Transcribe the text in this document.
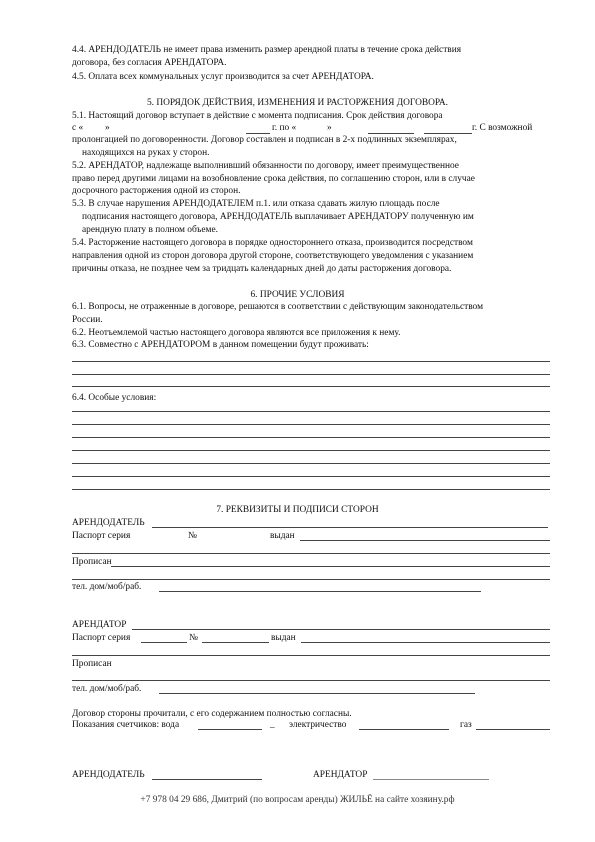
4.4. АРЕНДОДАТЕЛЬ не имеет права изменить размер арендной платы в течение срока действия
договора, без согласия АРЕНДАТОРА.
4.5. Оплата всех коммунальных услуг производится за счет АРЕНДАТОРА.
5. ПОРЯДОК ДЕЙСТВИЯ, ИЗМЕНЕНИЯ И РАСТОРЖЕНИЯ ДОГОВОРА.
5.1. Настоящий договор вступает в действие с момента подписания. Срок действия договора
с « »	г. по «	»	г. С возможной
пролонгацией по договоренности. Договор составлен и подписан в 2-х подлинных экземплярах,
находящихся на руках у сторон.
5.2. АРЕНДАТОР, надлежаще выполнивший обязанности по договору, имеет преимущественное
право перед другими лицами на возобновление срока действия, по соглашению сторон, или в случае
досрочного расторжения одной из сторон.
5.3. В случае нарушения АРЕНДОДАТЕЛЕМ п.1. или отказа сдавать жилую площадь после
подписания настоящего договора, АРЕНДОДАТЕЛЬ выплачивает АРЕНДАТОРУ полученную им
арендную плату в полном объеме.
5.4. Расторжение настоящего договора в порядке одностороннего отказа, производится посредством
направления одной из сторон договора другой стороне, соответствующего уведомления с указанием
причины отказа, не позднее чем за тридцать календарных дней до даты расторжения договора.
6. ПРОЧИЕ УСЛОВИЯ
6.1. Вопросы, не отраженные в договоре, решаются в соответствии с действующим законодательством
России.
6.2. Неотъемлемой частью настоящего договора являются все приложения к нему.
6.3. Совместно с АРЕНДАТОРОМ в данном помещении будут проживать:
6.4. Особые условия:
7. РЕКВИЗИТЫ И ПОДПИСИ СТОРОН
АРЕНДОДАТЕЛЬ
Паспорт серия	№	выдан
Прописан
тел. дом/моб/раб.
АРЕНДАТОР
Паспорт серия	№	выдан
Прописан
тел. дом/моб/раб.
Договор стороны прочитали, с его содержанием полностью согласны.
Показания счетчиков: вода	_ электричество	газ
АРЕНДОДАТЕЛЬ	АРЕНДАТОР
+7 978 04 29 686, Дмитрий (по вопросам аренды) ЖИЛЬЁ на сайте хозяину.рф
